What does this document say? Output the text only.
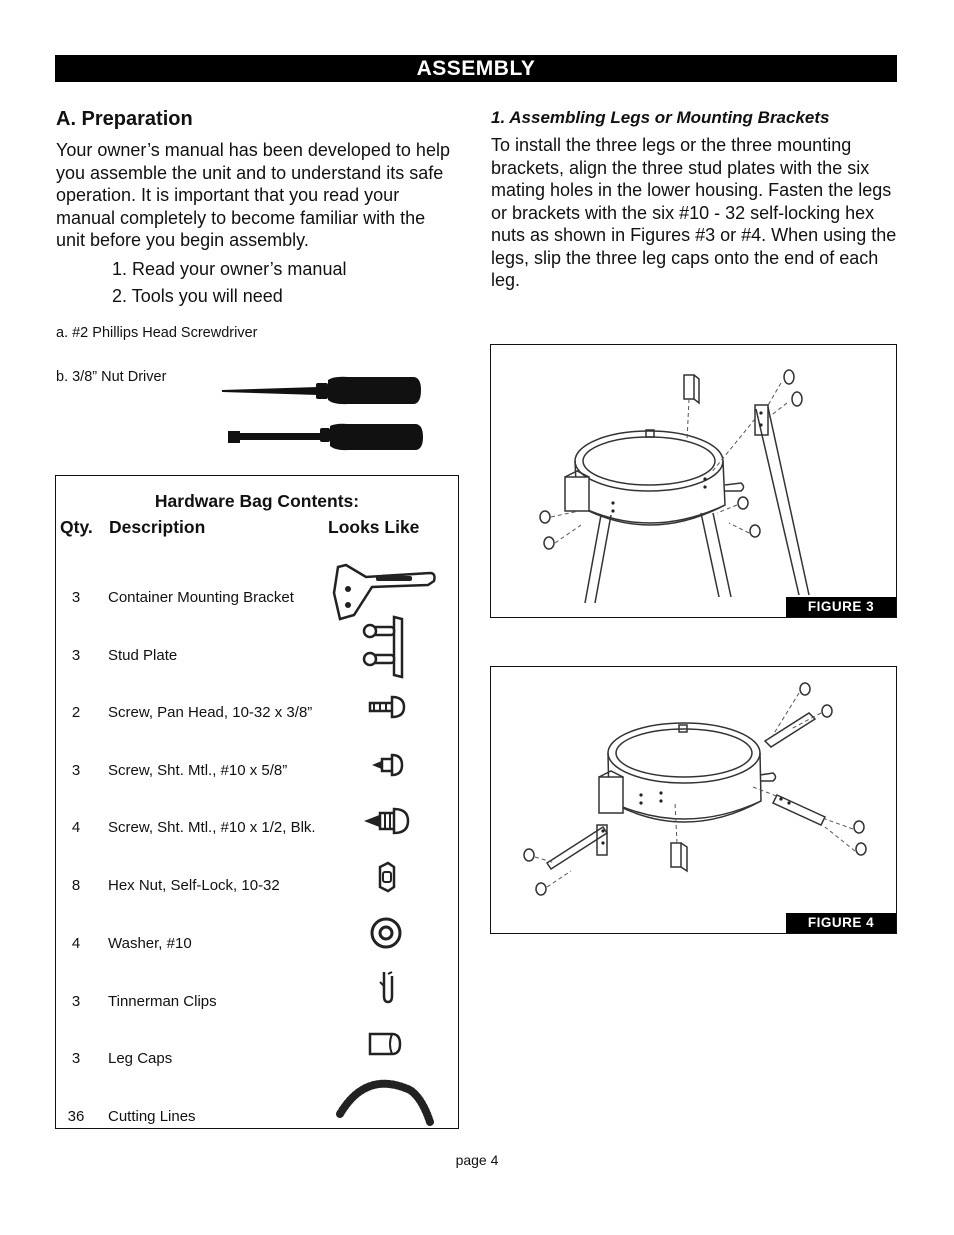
ASSEMBLY
A. Preparation
Your owner’s manual has been developed to help you assemble the unit and to understand its safe operation. It is important that you read your manual completely to become familiar with the unit before you begin assembly.
1. Read your owner’s manual
2. Tools you will need
a. #2 Phillips Head Screwdriver
b. 3/8” Nut Driver
1. Assembling Legs or Mounting Brackets
To install the three legs or the three mounting brackets, align the three stud plates with the six mating holes in the lower housing. Fasten the legs or brackets with the six #10 - 32 self-locking hex nuts as shown in Figures #3 or #4. When using the legs, slip the three leg caps onto the end of each leg.
Hardware Bag Contents:
Qty. Description	Looks Like
3	Container Mounting Bracket
3	Stud Plate
2	Screw, Pan Head, 10-32 x 3/8”
3	Screw, Sht. Mtl., #10 x 5/8”
4	Screw, Sht. Mtl., #10 x 1/2, Blk.
8	Hex Nut, Self-Lock, 10-32
4	Washer, #10
3	Tinnerman Clips
3	Leg Caps
36	Cutting Lines
FIGURE 3
FIGURE 4
page 4
